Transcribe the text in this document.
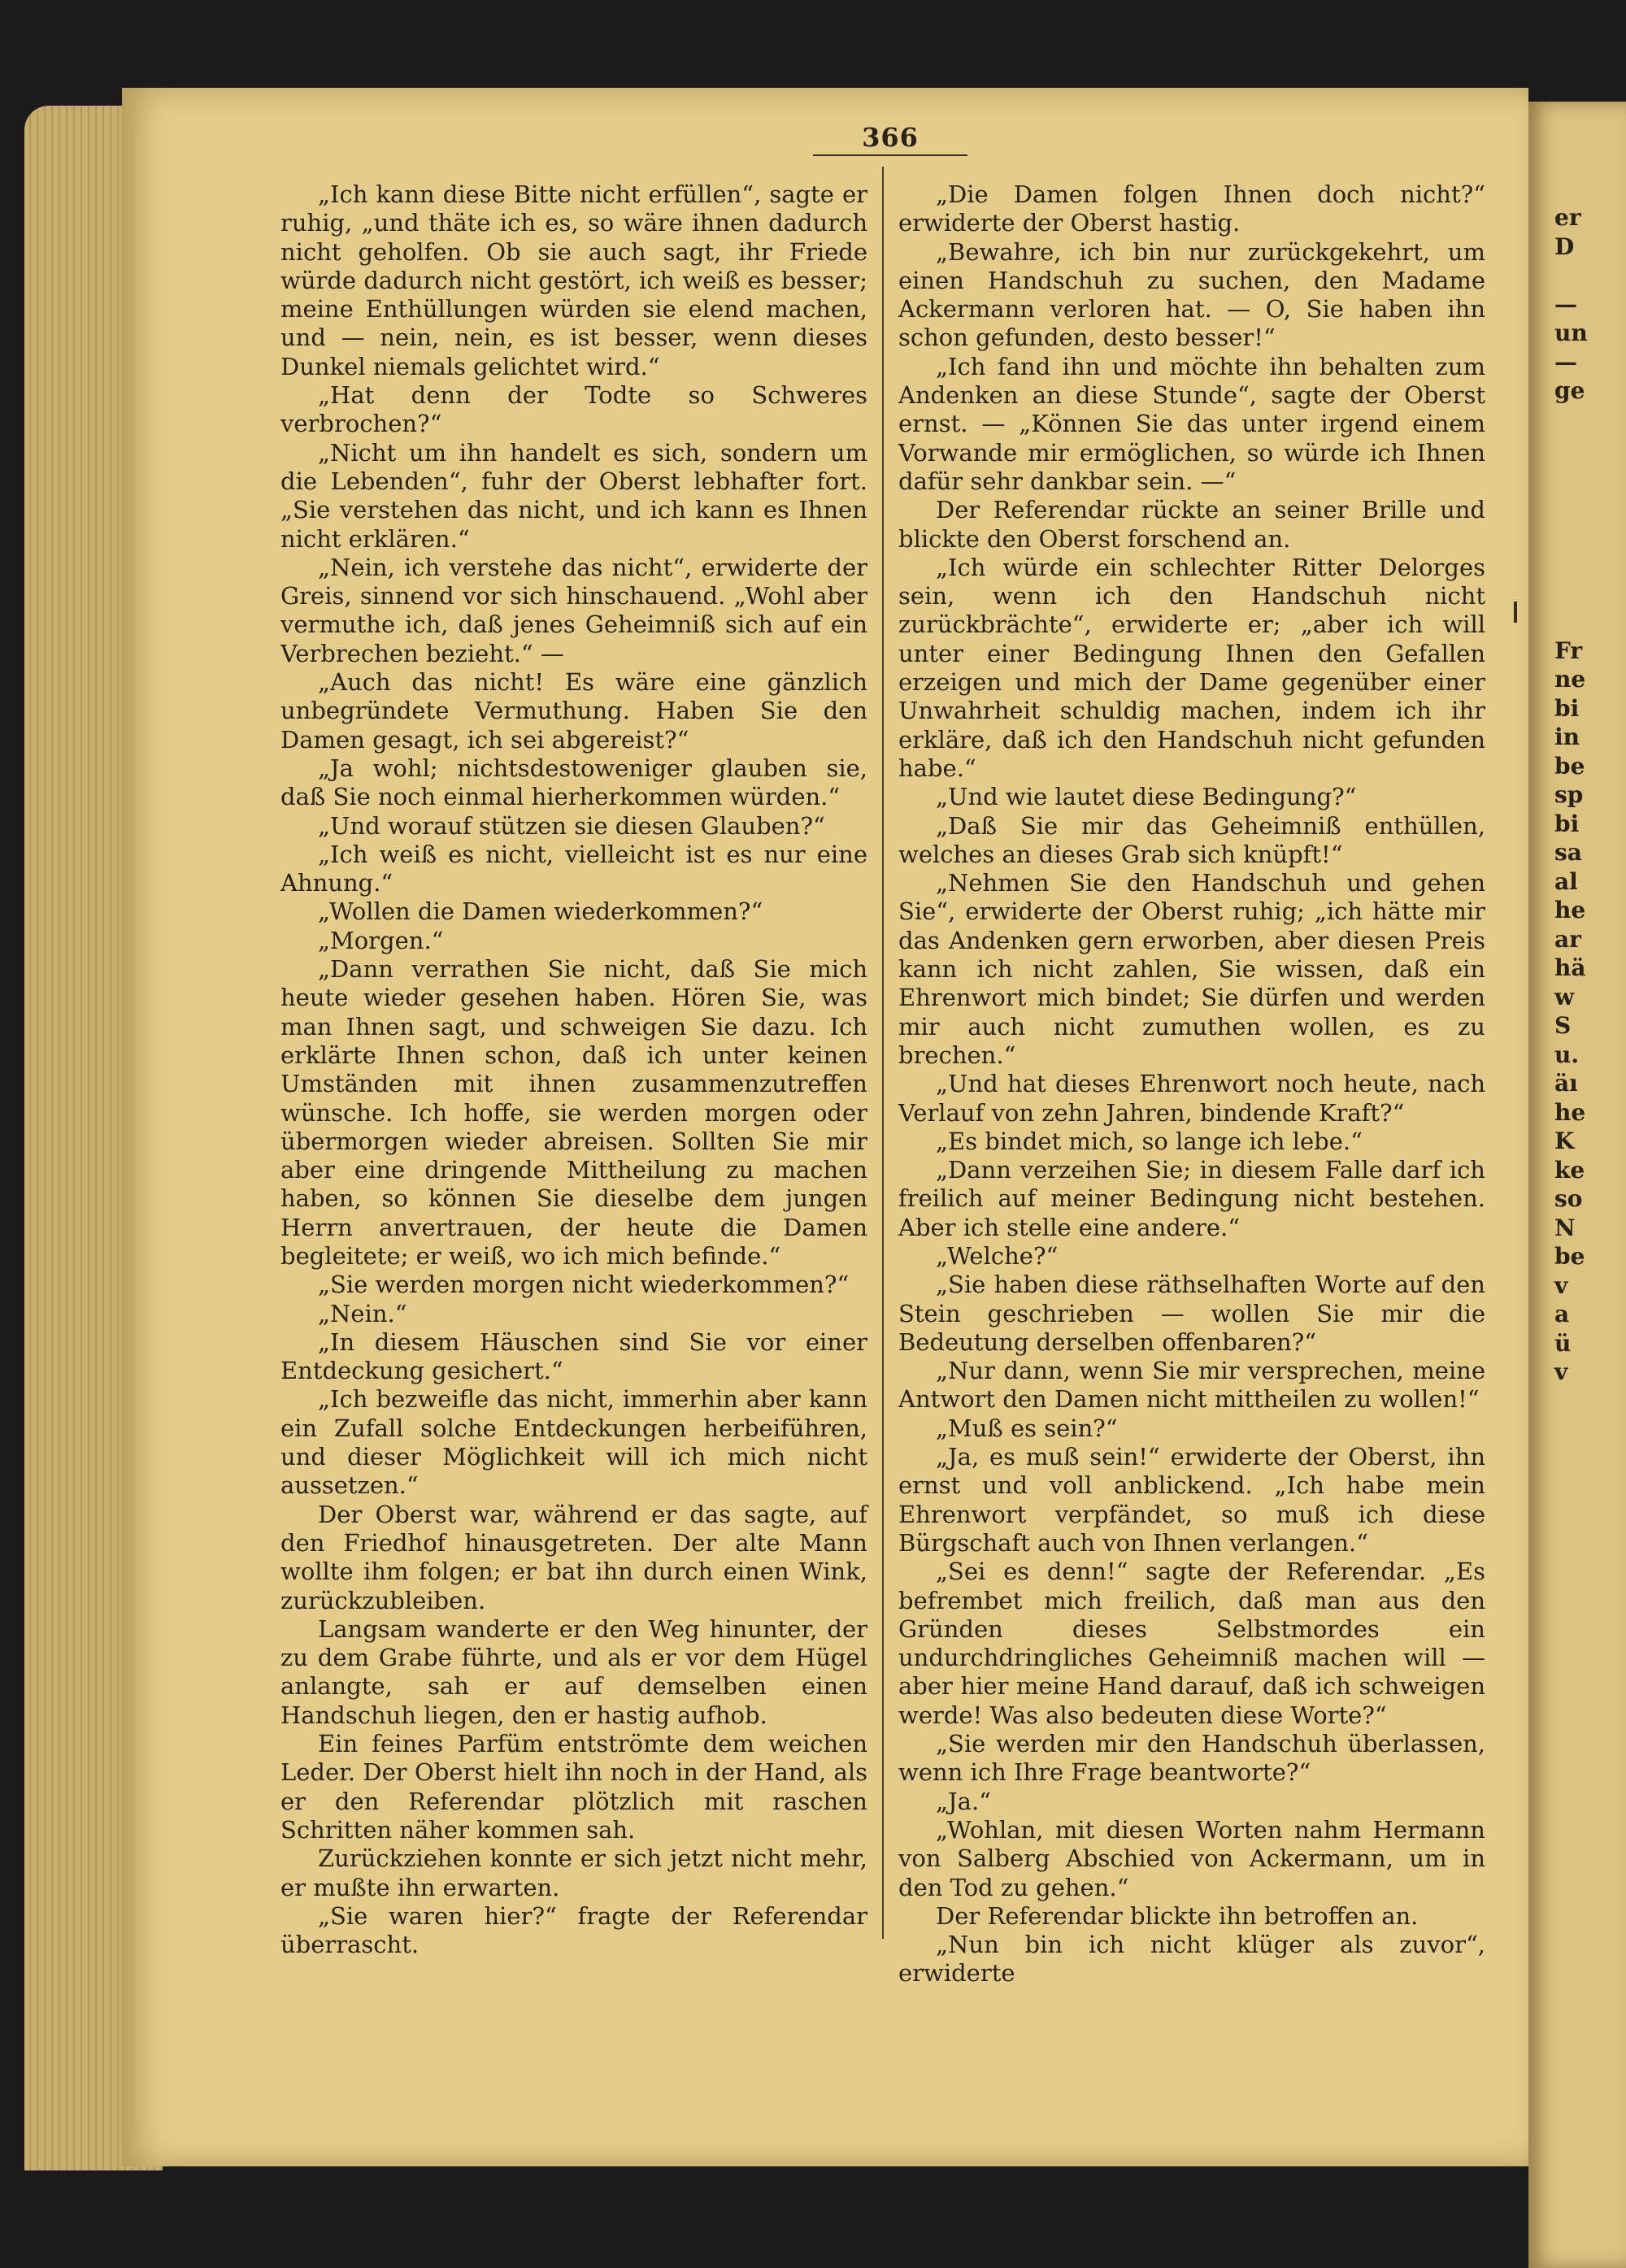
er

D

—

un

—

ge

Fr

ne

bi

in

be

sp

bi

sa

al

he

ar

hä

w

S

u.

äı

he

K

ke

so

N

be

v

a

ü

v

366

„Ich kann diese Bitte nicht erfüllen“, sagte er ruhig, „und thäte ich es, so wäre ihnen dadurch nicht geholfen. Ob sie auch sagt, ihr Friede würde dadurch nicht gestört, ich weiß es besser; meine Enthüllungen würden sie elend machen, und — nein, nein, es ist besser, wenn dieses Dunkel niemals gelichtet wird.“

„Hat denn der Todte so Schweres verbrochen?“

„Nicht um ihn handelt es sich, sondern um die Lebenden“, fuhr der Oberst lebhafter fort. „Sie verstehen das nicht, und ich kann es Ihnen nicht erklären.“

„Nein, ich verstehe das nicht“, erwiderte der Greis, sinnend vor sich hinschauend. „Wohl aber vermuthe ich, daß jenes Geheimniß sich auf ein Verbrechen bezieht.“ —

„Auch das nicht! Es wäre eine gänzlich unbegründete Vermuthung. Haben Sie den Damen gesagt, ich sei abgereist?“

„Ja wohl; nichtsdestoweniger glauben sie, daß Sie noch einmal hierherkommen würden.“

„Und worauf stützen sie diesen Glauben?“

„Ich weiß es nicht, vielleicht ist es nur eine Ahnung.“

„Wollen die Damen wiederkommen?“

„Morgen.“

„Dann verrathen Sie nicht, daß Sie mich heute wieder gesehen haben. Hören Sie, was man Ihnen sagt, und schweigen Sie dazu. Ich erklärte Ihnen schon, daß ich unter keinen Umständen mit ihnen zusammenzutreffen wünsche. Ich hoffe, sie werden morgen oder übermorgen wieder abreisen. Sollten Sie mir aber eine dringende Mittheilung zu machen haben, so können Sie dieselbe dem jungen Herrn anvertrauen, der heute die Damen begleitete; er weiß, wo ich mich befinde.“

„Sie werden morgen nicht wiederkommen?“

„Nein.“

„In diesem Häuschen sind Sie vor einer Entdeckung gesichert.“

„Ich bezweifle das nicht, immerhin aber kann ein Zufall solche Entdeckungen herbeiführen, und dieser Möglichkeit will ich mich nicht aussetzen.“

Der Oberst war, während er das sagte, auf den Friedhof hinausgetreten. Der alte Mann wollte ihm folgen; er bat ihn durch einen Wink, zurückzubleiben.

Langsam wanderte er den Weg hinunter, der zu dem Grabe führte, und als er vor dem Hügel anlangte, sah er auf demselben einen Handschuh liegen, den er hastig aufhob.

Ein feines Parfüm entströmte dem weichen Leder. Der Oberst hielt ihn noch in der Hand, als er den Referendar plötzlich mit raschen Schritten näher kommen sah.

Zurückziehen konnte er sich jetzt nicht mehr, er mußte ihn erwarten.

„Sie waren hier?“ fragte der Referendar überrascht.

„Die Damen folgen Ihnen doch nicht?“ erwiderte der Oberst hastig.

„Bewahre, ich bin nur zurückgekehrt, um einen Handschuh zu suchen, den Madame Ackermann verloren hat. — O, Sie haben ihn schon gefunden, desto besser!“

„Ich fand ihn und möchte ihn behalten zum Andenken an diese Stunde“, sagte der Oberst ernst. — „Können Sie das unter irgend einem Vorwande mir ermöglichen, so würde ich Ihnen dafür sehr dankbar sein. —“

Der Referendar rückte an seiner Brille und blickte den Oberst forschend an.

„Ich würde ein schlechter Ritter Delorges sein, wenn ich den Handschuh nicht zurückbrächte“, erwiderte er; „aber ich will unter einer Bedingung Ihnen den Gefallen erzeigen und mich der Dame gegenüber einer Unwahrheit schuldig machen, indem ich ihr erkläre, daß ich den Handschuh nicht gefunden habe.“

„Und wie lautet diese Bedingung?“

„Daß Sie mir das Geheimniß enthüllen, welches an dieses Grab sich knüpft!“

„Nehmen Sie den Handschuh und gehen Sie“, erwiderte der Oberst ruhig; „ich hätte mir das Andenken gern erworben, aber diesen Preis kann ich nicht zahlen, Sie wissen, daß ein Ehrenwort mich bindet; Sie dürfen und werden mir auch nicht zumuthen wollen, es zu brechen.“

„Und hat dieses Ehrenwort noch heute, nach Verlauf von zehn Jahren, bindende Kraft?“

„Es bindet mich, so lange ich lebe.“

„Dann verzeihen Sie; in diesem Falle darf ich freilich auf meiner Bedingung nicht bestehen. Aber ich stelle eine andere.“

„Welche?“

„Sie haben diese räthselhaften Worte auf den Stein geschrieben — wollen Sie mir die Bedeutung derselben offenbaren?“

„Nur dann, wenn Sie mir versprechen, meine Antwort den Damen nicht mittheilen zu wollen!“

„Muß es sein?“

„Ja, es muß sein!“ erwiderte der Oberst, ihn ernst und voll anblickend. „Ich habe mein Ehrenwort verpfändet, so muß ich diese Bürgschaft auch von Ihnen verlangen.“

„Sei es denn!“ sagte der Referendar. „Es befrembet mich freilich, daß man aus den Gründen dieses Selbstmordes ein undurchdringliches Geheimniß machen will — aber hier meine Hand darauf, daß ich schweigen werde! Was also bedeuten diese Worte?“

„Sie werden mir den Handschuh überlassen, wenn ich Ihre Frage beantworte?“

„Ja.“

„Wohlan, mit diesen Worten nahm Hermann von Salberg Abschied von Ackermann, um in den Tod zu gehen.“

Der Referendar blickte ihn betroffen an.

„Nun bin ich nicht klüger als zuvor“, erwiderte
